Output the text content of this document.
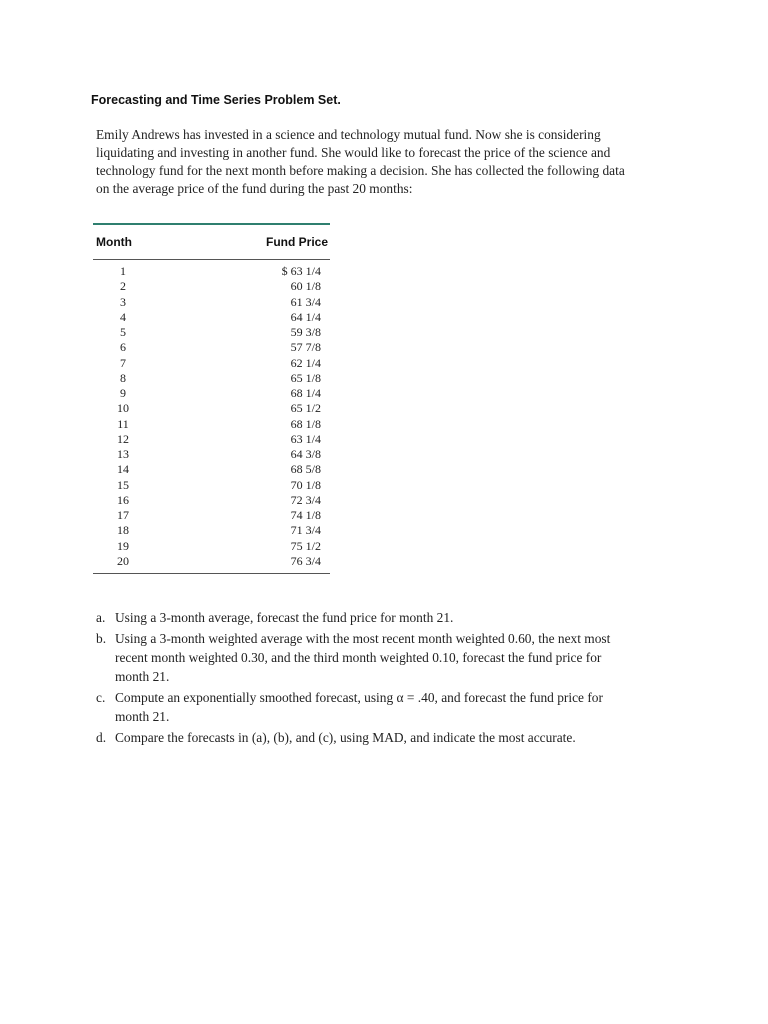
Forecasting and Time Series Problem Set.

Emily Andrews has invested in a science and technology mutual fund. Now she is considering liquidating and investing in another fund. She would like to forecast the price of the science and technology fund for the next month before making a decision. She has collected the following data on the average price of the fund during the past 20 months:

Month	Fund Price
1	$ 63 1/4
2	60 1/8
3	61 3/4
4	64 1/4
5	59 3/8
6	57 7/8
7	62 1/4
8	65 1/8
9	68 1/4
10	65 1/2
11	68 1/8
12	63 1/4
13	64 3/8
14	68 5/8
15	70 1/8
16	72 3/4
17	74 1/8
18	71 3/4
19	75 1/2
20	76 3/4
a. Using a 3-month average, forecast the fund price for month 21.
b. Using a 3-month weighted average with the most recent month weighted 0.60, the next most recent month weighted 0.30, and the third month weighted 0.10, forecast the fund price for month 21.
c. Compute an exponentially smoothed forecast, using α = .40, and forecast the fund price for month 21.
d. Compare the forecasts in (a), (b), and (c), using MAD, and indicate the most accurate.
